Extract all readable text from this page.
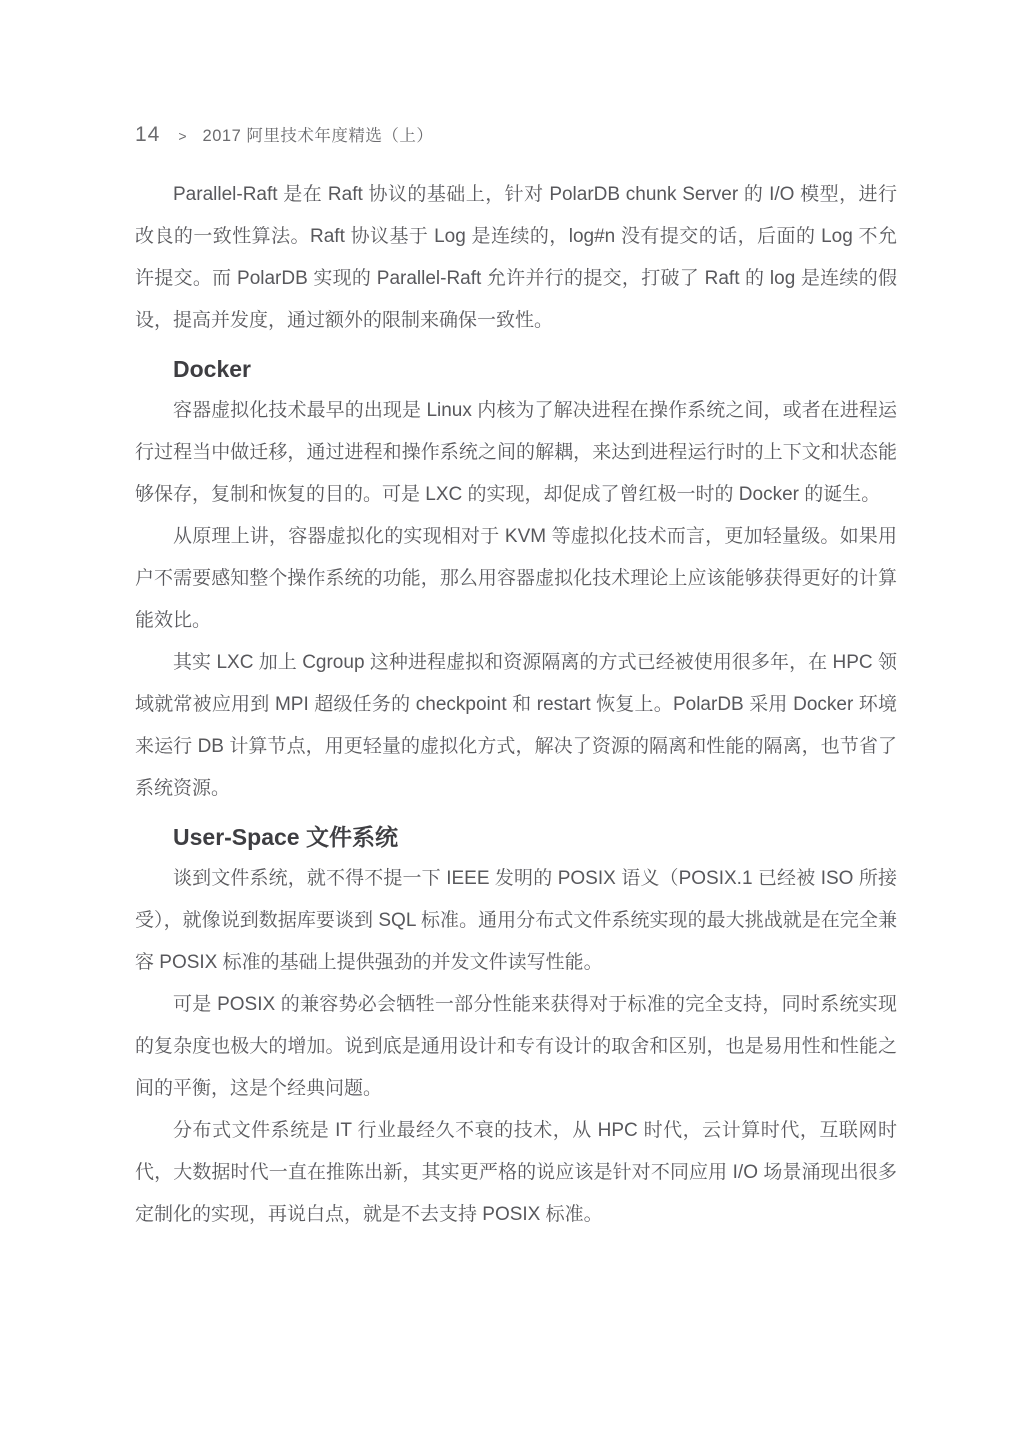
14 > 2017 阿里技术年度精选（上）
Parallel-Raft 是在 Raft 协议的基础上，针对 PolarDB chunk Server 的 I/O 模型，进行改良的一致性算法。Raft 协议基于 Log 是连续的，log#n 没有提交的话，后面的 Log 不允许提交。而 PolarDB 实现的 Parallel-Raft 允许并行的提交，打破了 Raft 的 log 是连续的假设，提高并发度，通过额外的限制来确保一致性。
Docker
容器虚拟化技术最早的出现是 Linux 内核为了解决进程在操作系统之间，或者在进程运行过程当中做迁移，通过进程和操作系统之间的解耦，来达到进程运行时的上下文和状态能够保存，复制和恢复的目的。可是 LXC 的实现，却促成了曾红极一时的 Docker 的诞生。
从原理上讲，容器虚拟化的实现相对于 KVM 等虚拟化技术而言，更加轻量级。如果用户不需要感知整个操作系统的功能，那么用容器虚拟化技术理论上应该能够获得更好的计算能效比。
其实 LXC 加上 Cgroup 这种进程虚拟和资源隔离的方式已经被使用很多年，在 HPC 领域就常被应用到 MPI 超级任务的 checkpoint 和 restart 恢复上。PolarDB 采用 Docker 环境来运行 DB 计算节点，用更轻量的虚拟化方式，解决了资源的隔离和性能的隔离，也节省了系统资源。
User-Space 文件系统
谈到文件系统，就不得不提一下 IEEE 发明的 POSIX 语义（POSIX.1 已经被 ISO 所接受），就像说到数据库要谈到 SQL 标准。通用分布式文件系统实现的最大挑战就是在完全兼容 POSIX 标准的基础上提供强劲的并发文件读写性能。
可是 POSIX 的兼容势必会牺牲一部分性能来获得对于标准的完全支持，同时系统实现的复杂度也极大的增加。说到底是通用设计和专有设计的取舍和区别，也是易用性和性能之间的平衡，这是个经典问题。
分布式文件系统是 IT 行业最经久不衰的技术，从 HPC 时代，云计算时代，互联网时代，大数据时代一直在推陈出新，其实更严格的说应该是针对不同应用 I/O 场景涌现出很多定制化的实现，再说白点，就是不去支持 POSIX 标准。
